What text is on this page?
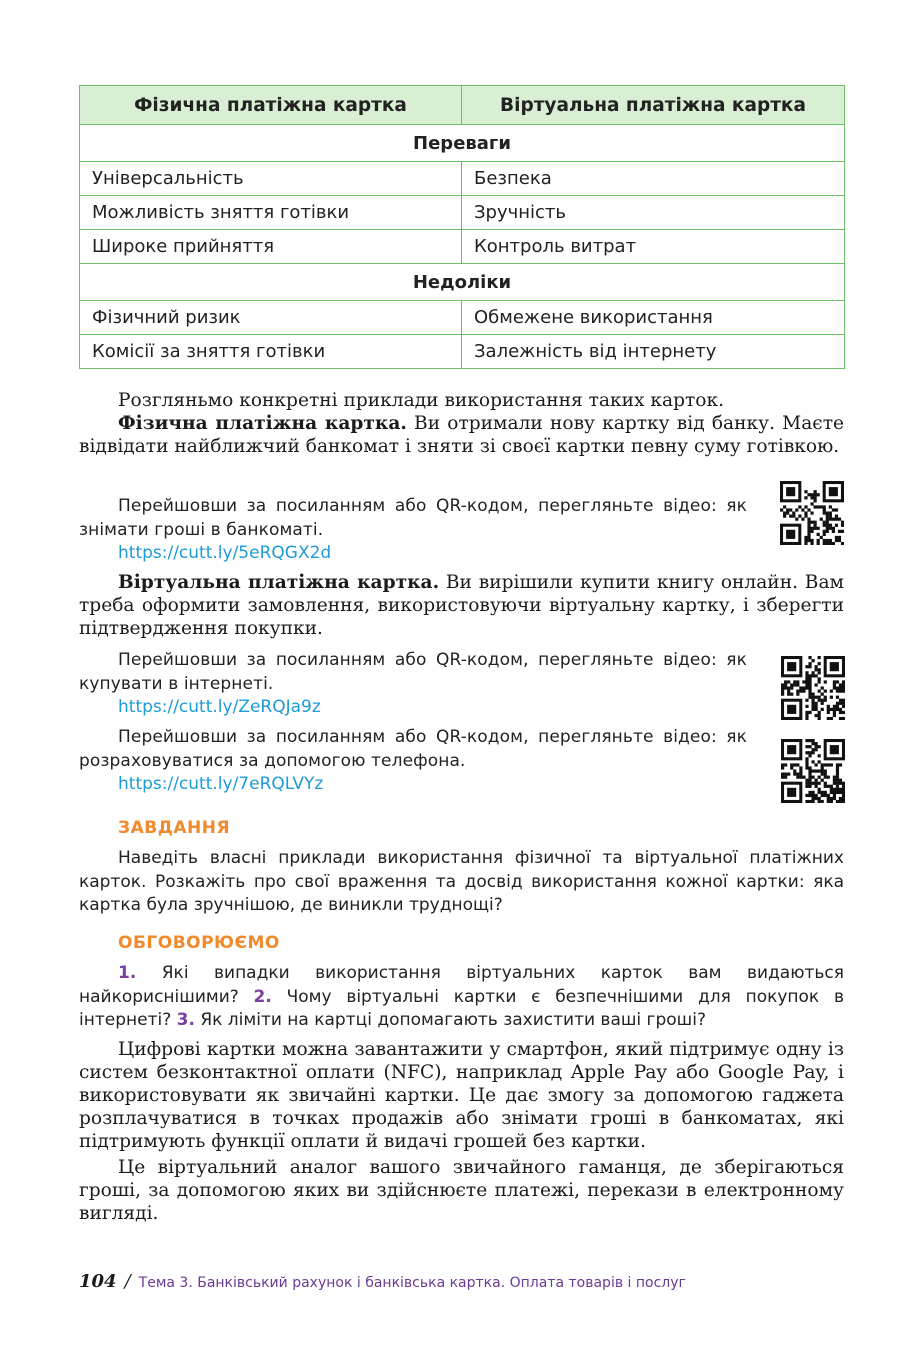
Фізична платіжна картка	Віртуальна платіжна картка
Переваги	
Універсальність	Безпека
Можливість зняття готівки	Зручність
Широке прийняття	Контроль витрат
Недоліки	
Фізичний ризик	Обмежене використання
Комісії за зняття готівки	Залежність від інтернету

Розгляньмо конкретні приклади використання таких карток.

Фізична платіжна картка. Ви отримали нову картку від банку. Маєте відвідати найближчий банкомат і зняти зі своєї картки певну суму готівкою.

Перейшовши за посиланням або QR-кодом, перегляньте відео: як знімати гроші в банкоматі.

https://cutt.ly/5eRQGX2d

Віртуальна платіжна картка. Ви вирішили купити книгу онлайн. Вам треба оформити замовлення, використовуючи віртуальну картку, і зберегти підтвердження покупки.

Перейшовши за посиланням або QR-кодом, перегляньте відео: як купувати в інтернеті.

https://cutt.ly/ZeRQJa9z

Перейшовши за посиланням або QR-кодом, перегляньте відео: як розраховуватися за допомогою телефона.

https://cutt.ly/7eRQLVYz

ЗАВДАННЯ

Наведіть власні приклади використання фізичної та віртуальної платіжних карток. Розкажіть про свої враження та досвід використання кожної картки: яка картка була зручнішою, де виникли труднощі?

ОБГОВОРЮЄМО

1. Які випадки використання віртуальних карток вам видаються найкориснішими? 2. Чому віртуальні картки є безпечнішими для покупок в інтернеті? 3. Як ліміти на картці допомагають захистити ваші гроші?

Цифрові картки можна завантажити у смартфон, який підтримує одну із систем безконтактної оплати (NFC), наприклад Apple Pay або Google Pay, і використовувати як звичайні картки. Це дає змогу за допомогою гаджета розплачуватися в точках продажів або знімати гроші в банкоматах, які підтримують функції оплати й видачі грошей без картки.

Це віртуальний аналог вашого звичайного гаманця, де зберігаються гроші, за допомогою яких ви здійснюєте платежі, перекази в електронному вигляді.

104 / Тема 3. Банківський рахунок і банківська картка. Оплата товарів і послуг
